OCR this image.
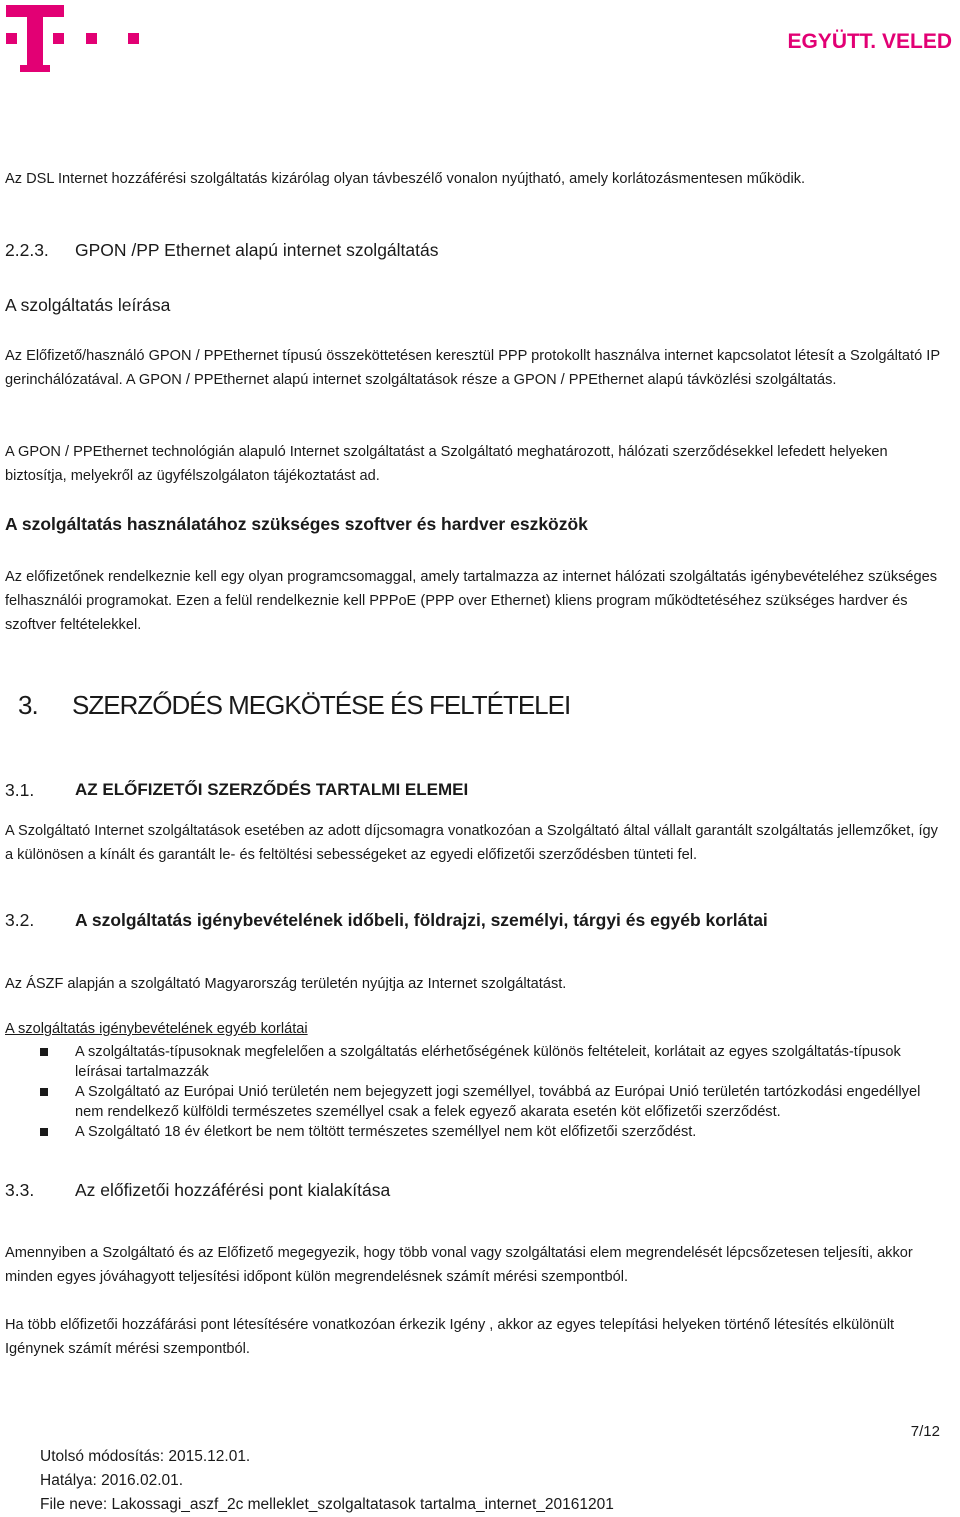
EGYÜTT. VELED

Az DSL Internet hozzáférési szolgáltatás kizárólag olyan távbeszélő vonalon nyújtható, amely korlátozásmentesen működik.

2.2.3. GPON /PP Ethernet alapú internet szolgáltatás
A szolgáltatás leírása

Az Előfizető/használó GPON / PPEthernet típusú összeköttetésen keresztül PPP protokollt használva internet kapcsolatot létesít a Szolgáltató IP gerinchálózatával. A GPON / PPEthernet alapú internet szolgáltatások része a GPON / PPEthernet alapú távközlési szolgáltatás.

A GPON / PPEthernet technológián alapuló Internet szolgáltatást a Szolgáltató meghatározott, hálózati szerződésekkel lefedett helyeken biztosítja, melyekről az ügyfélszolgálaton tájékoztatást ad.

A szolgáltatás használatához szükséges szoftver és hardver eszközök

Az előfizetőnek rendelkeznie kell egy olyan programcsomaggal, amely tartalmazza az internet hálózati szolgáltatás igénybevételéhez szükséges felhasználói programokat. Ezen a felül rendelkeznie kell PPPoE (PPP over Ethernet) kliens program működtetéséhez szükséges hardver és szoftver feltételekkel.

3. SZERZŐDÉS MEGKÖTÉSE ÉS FELTÉTELEI
3.1. AZ ELŐFIZETŐI SZERZŐDÉS TARTALMI ELEMEI

A Szolgáltató Internet szolgáltatások esetében az adott díjcsomagra vonatkozóan a Szolgáltató által vállalt garantált szolgáltatás jellemzőket, így a különösen a kínált és garantált le- és feltöltési sebességeket az egyedi előfizetői szerződésben tünteti fel.

3.2. A szolgáltatás igénybevételének időbeli, földrajzi, személyi, tárgyi és egyéb korlátai

Az ÁSZF alapján a szolgáltató Magyarország területén nyújtja az Internet szolgáltatást.

A szolgáltatás igénybevételének egyéb korlátai
A szolgáltatás-típusoknak megfelelően a szolgáltatás elérhetőségének különös feltételeit, korlátait az egyes szolgáltatás-típusok leírásai tartalmazzák
A Szolgáltató az Európai Unió területén nem bejegyzett jogi személlyel, továbbá az Európai Unió területén tartózkodási engedéllyel nem rendelkező külföldi természetes személlyel csak a felek egyező akarata esetén köt előfizetői szerződést.
A Szolgáltató 18 év életkort be nem töltött természetes személlyel nem köt előfizetői szerződést.
3.3. Az előfizetői hozzáférési pont kialakítása

Amennyiben a Szolgáltató és az Előfizető megegyezik, hogy több vonal vagy szolgáltatási elem megrendelését lépcsőzetesen teljesíti, akkor minden egyes jóváhagyott teljesítési időpont külön megrendelésnek számít mérési szempontból.

Ha több előfizetői hozzáfárási pont létesítésére vonatkozóan érkezik Igény , akkor az egyes telepítási helyeken történő létesítés elkülönült Igénynek számít mérési szempontból.

7/12
Utolsó módosítás: 2015.12.01.
Hatálya: 2016.02.01.
File neve: Lakossagi_aszf_2c melleklet_szolgaltatasok tartalma_internet_20161201
